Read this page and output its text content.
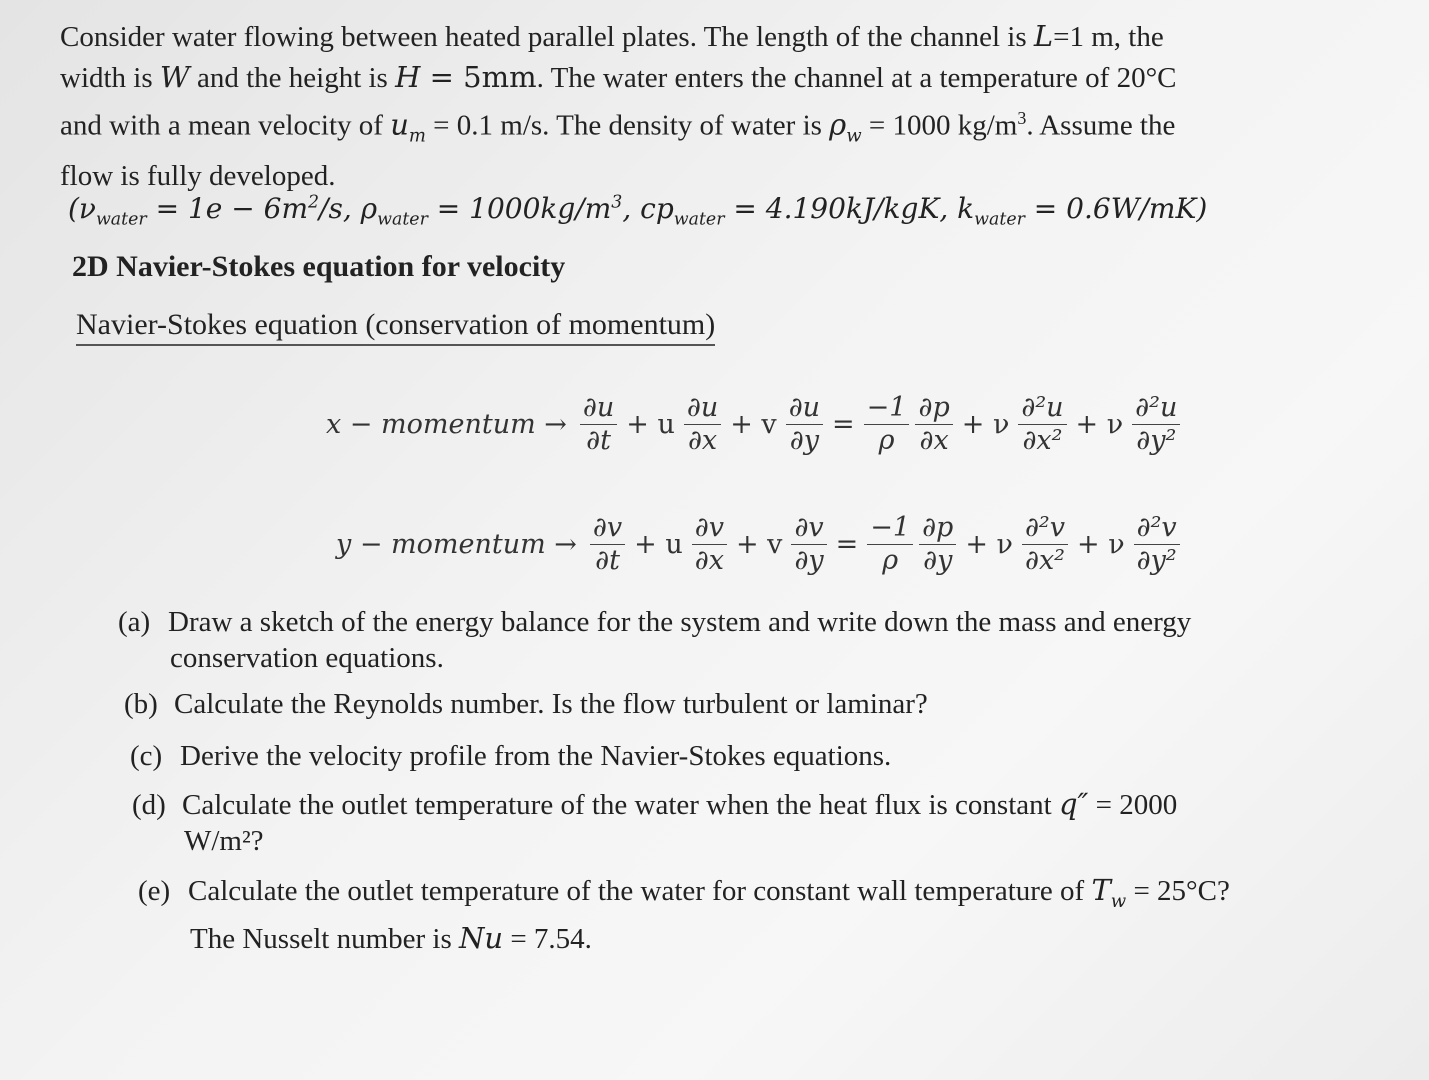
Consider water flowing between heated parallel plates. The length of the channel is L=1 m, the
width is W and the height is H = 5mm. The water enters the channel at a temperature of 20°C
and with a mean velocity of $u_m = 0.1$ m/s. The density of water is $\rho_w = 1000$ $kg/m^3$. Assume the
flow is fully developed.
($\nu_{water} = 1e - 6m^2/s$, $\rho_{water} = 1000kg/m^3$, $cp_{water} = 4.190kJ/kgK$, $k_{water} = 0.6W/mK$)
2D Navier-Stokes equation for velocity
Navier-Stokes equation (conservation of momentum)
x − momentum → $\frac{\partial u}{\partial t} + u \frac{\partial u}{\partial x} + v \frac{\partial u}{\partial y} = \frac{-1}{\rho} \frac{\partial p}{\partial x} + \nu \frac{\text{∂²u}}{\text{∂x²}} + \nu \frac{\text{∂²u}}{\text{∂y²}}$
y − momentum → $\frac{\partial v}{\partial t} + u \frac{\partial v}{\partial x} + v \frac{\partial v}{\partial y} = \frac{-1}{\rho} \frac{\partial p}{\partial y} + \nu \frac{\text{∂²v}}{\text{∂x²}} + \nu \frac{\text{∂²v}}{\text{∂y²}}$
(a) Draw a sketch of the energy balance for the system and write down the mass and energy
conservation equations.
(b) Calculate the Reynolds number. Is the flow turbulent or laminar?
(c) Derive the velocity profile from the Navier-Stokes equations.
(d) Calculate the outlet temperature of the water when the heat flux is constant q″ = 2000
W/m²?
(e) Calculate the outlet temperature of the water for constant wall temperature of $T_w = 25^\circ C$?
The Nusselt number is Nu = 7.54.
